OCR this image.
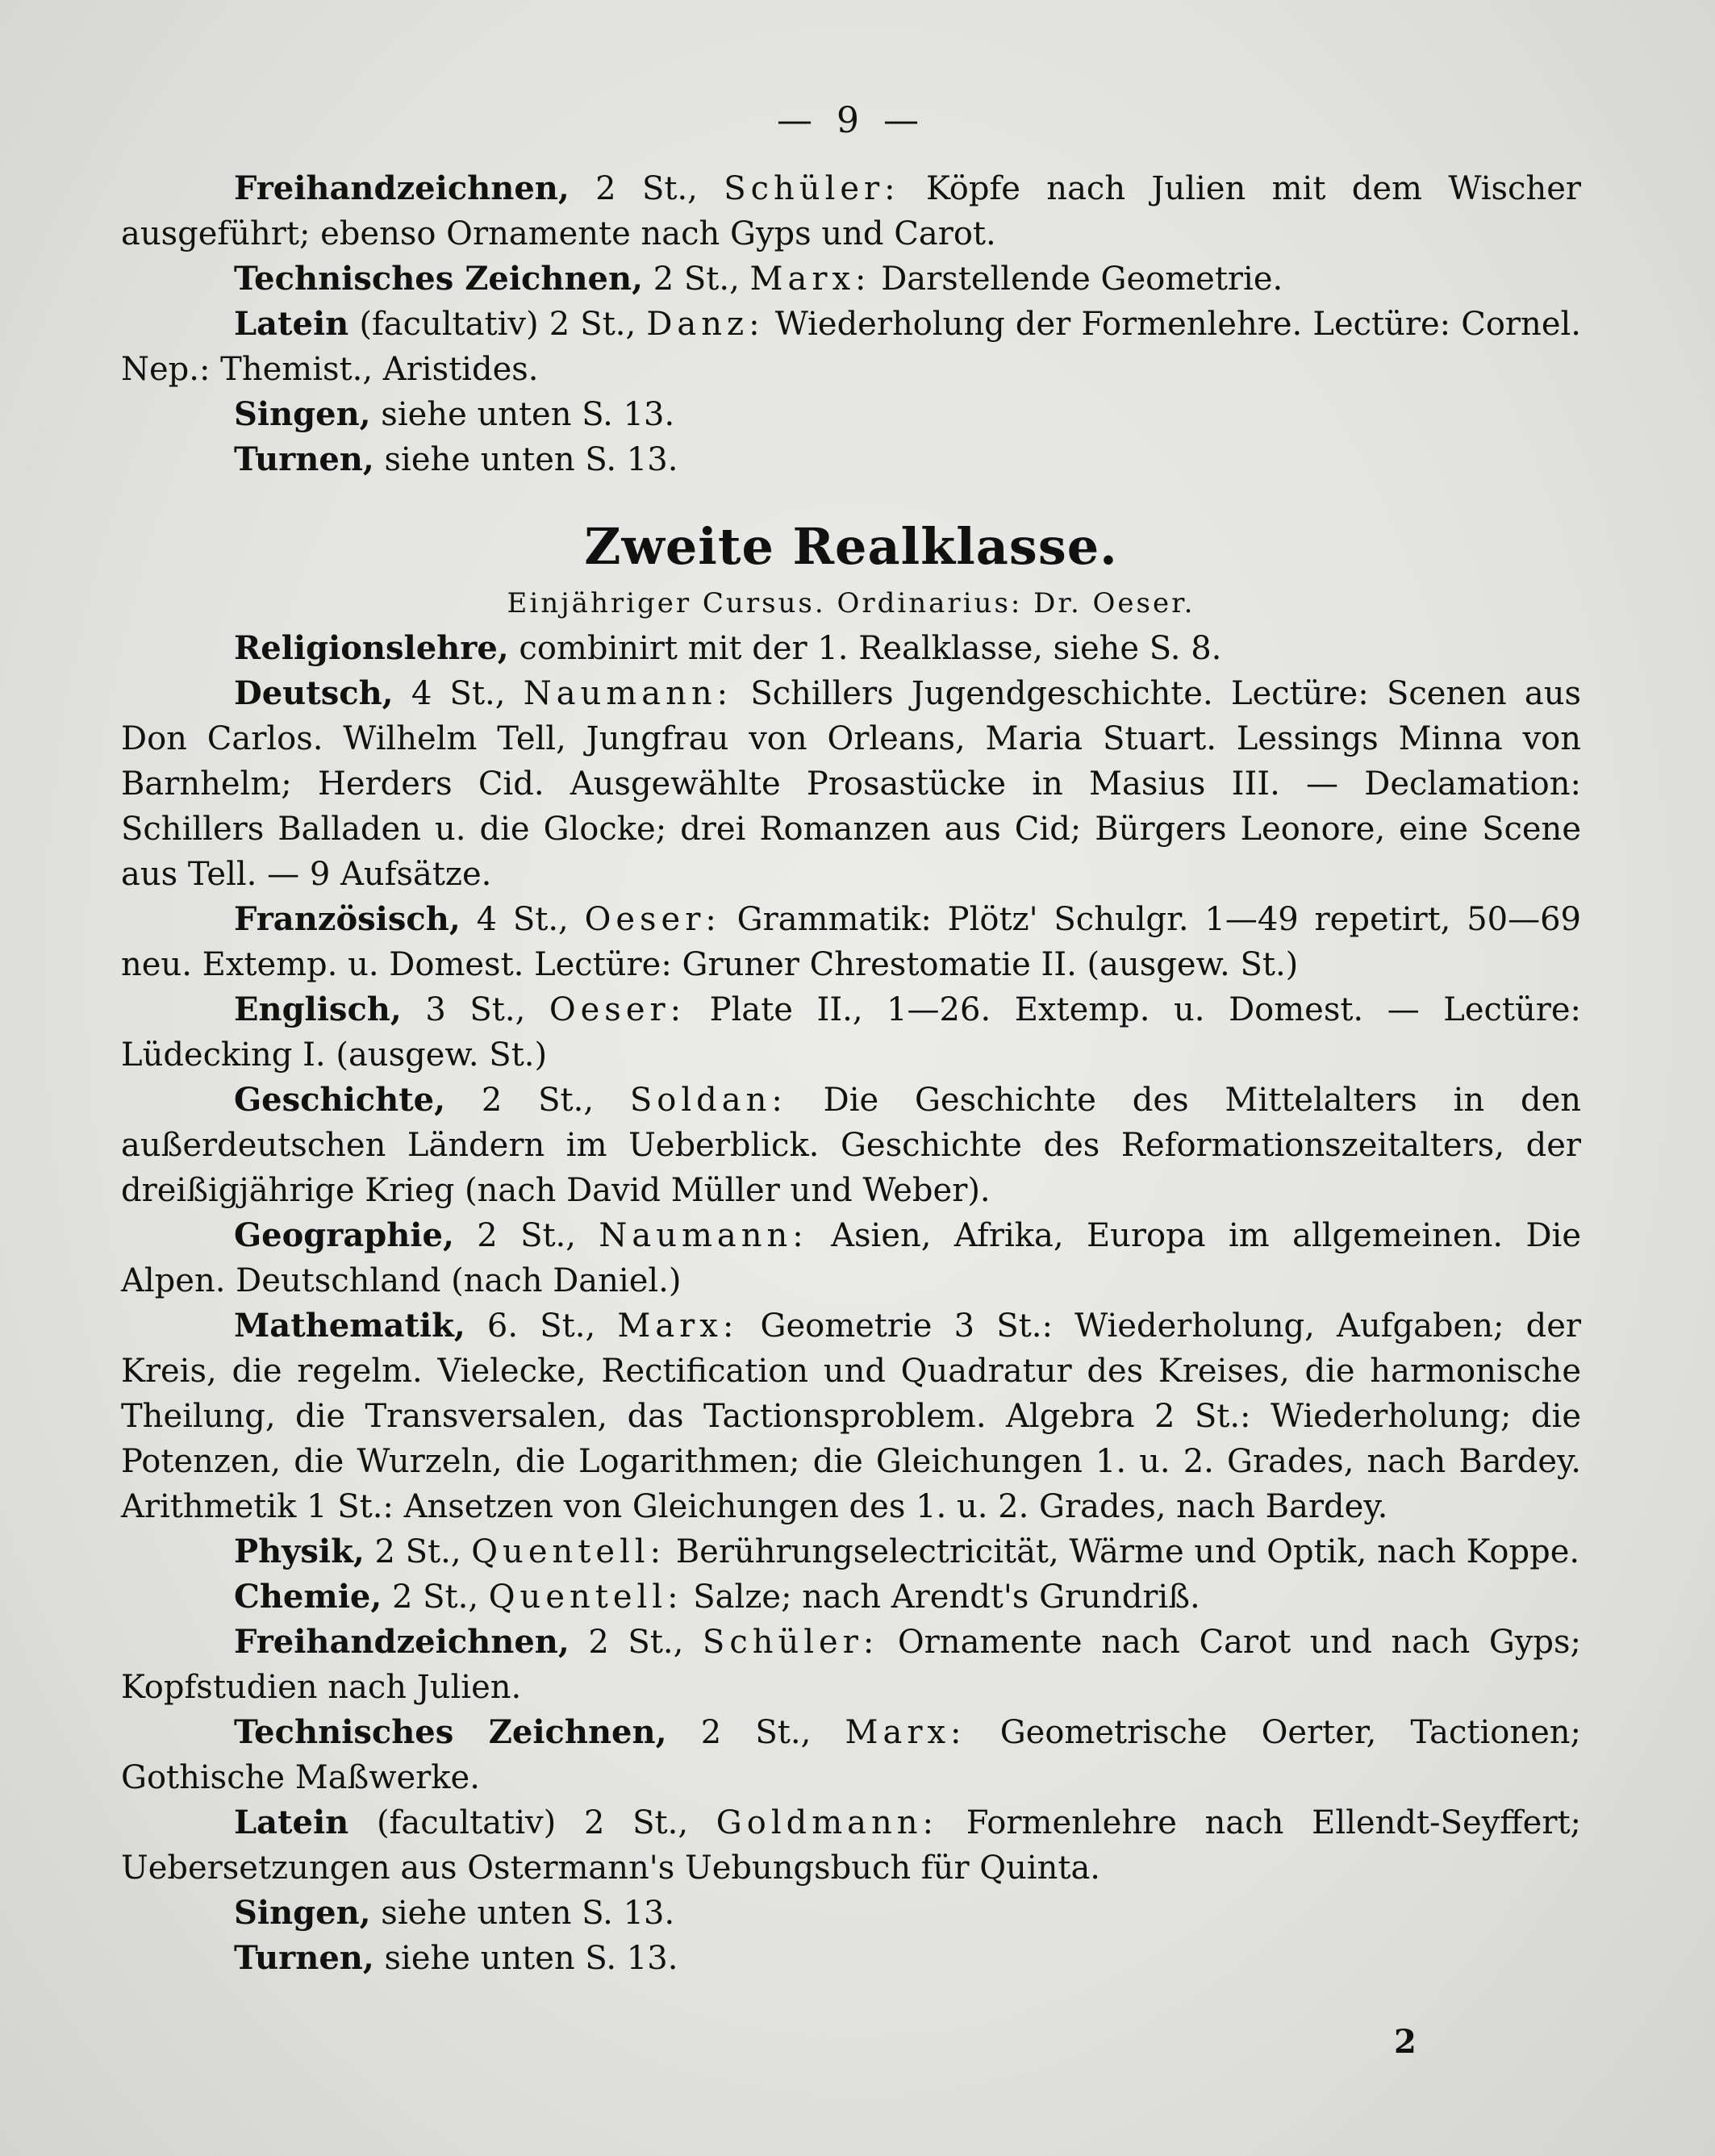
— 9 —

Freihandzeichnen, 2 St., Schüler: Köpfe nach Julien mit dem Wischer ausgeführt; ebenso Ornamente nach Gyps und Carot.

Technisches Zeichnen, 2 St., Marx: Darstellende Geometrie.

Latein (facultativ) 2 St., Danz: Wiederholung der Formenlehre. Lectüre: Cornel. Nep.: Themist., Aristides.

Singen, siehe unten S. 13.

Turnen, siehe unten S. 13.

Zweite Realklasse.
Einjähriger Cursus. Ordinarius: Dr. Oeser.

Religionslehre, combinirt mit der 1. Realklasse, siehe S. 8.

Deutsch, 4 St., Naumann: Schillers Jugendgeschichte. Lectüre: Scenen aus Don Carlos. Wilhelm Tell, Jungfrau von Orleans, Maria Stuart. Lessings Minna von Barnhelm; Herders Cid. Ausgewählte Prosastücke in Masius III. — Declamation: Schillers Balladen u. die Glocke; drei Romanzen aus Cid; Bürgers Leonore, eine Scene aus Tell. — 9 Aufsätze.

Französisch, 4 St., Oeser: Grammatik: Plötz' Schulgr. 1—49 repetirt, 50—69 neu. Extemp. u. Domest. Lectüre: Gruner Chrestomatie II. (ausgew. St.)

Englisch, 3 St., Oeser: Plate II., 1—26. Extemp. u. Domest. — Lectüre: Lüdecking I. (ausgew. St.)

Geschichte, 2 St., Soldan: Die Geschichte des Mittelalters in den außerdeutschen Ländern im Ueberblick. Geschichte des Reformationszeitalters, der dreißigjährige Krieg (nach David Müller und Weber).

Geographie, 2 St., Naumann: Asien, Afrika, Europa im allgemeinen. Die Alpen. Deutschland (nach Daniel.)

Mathematik, 6. St., Marx: Geometrie 3 St.: Wiederholung, Aufgaben; der Kreis, die regelm. Vielecke, Rectification und Quadratur des Kreises, die harmonische Theilung, die Transversalen, das Tactionsproblem. Algebra 2 St.: Wiederholung; die Potenzen, die Wurzeln, die Logarithmen; die Gleichungen 1. u. 2. Grades, nach Bardey. Arithmetik 1 St.: Ansetzen von Gleichungen des 1. u. 2. Grades, nach Bardey.

Physik, 2 St., Quentell: Berührungselectricität, Wärme und Optik, nach Koppe.

Chemie, 2 St., Quentell: Salze; nach Arendt's Grundriß.

Freihandzeichnen, 2 St., Schüler: Ornamente nach Carot und nach Gyps; Kopfstudien nach Julien.

Technisches Zeichnen, 2 St., Marx: Geometrische Oerter, Tactionen; Gothische Maßwerke.

Latein (facultativ) 2 St., Goldmann: Formenlehre nach Ellendt-Seyffert; Uebersetzungen aus Ostermann's Uebungsbuch für Quinta.

Singen, siehe unten S. 13.

Turnen, siehe unten S. 13.

2
